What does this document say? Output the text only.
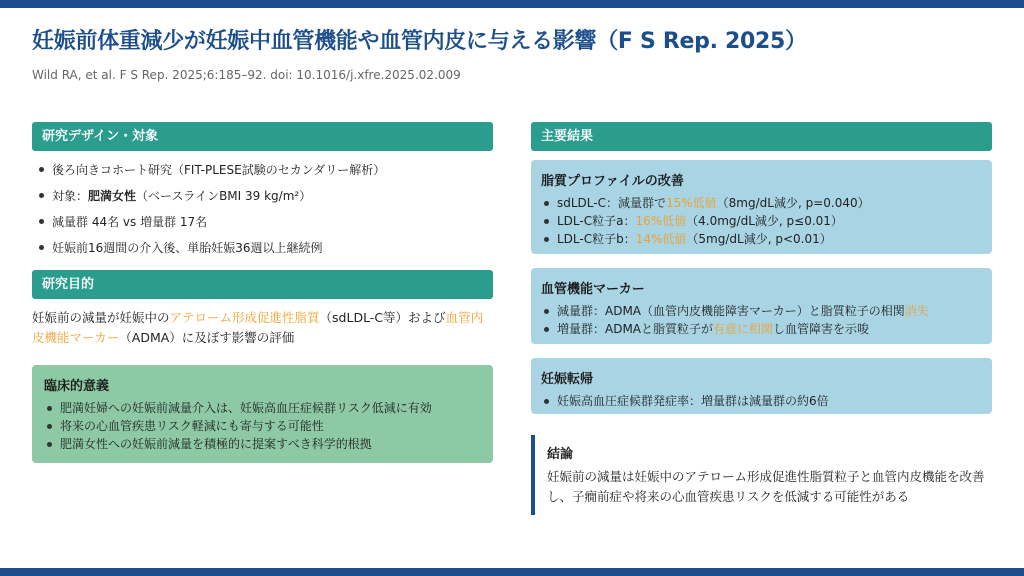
妊娠前体重減少が妊娠中血管機能や血管内皮に与える影響（F S Rep. 2025）
Wild RA, et al. F S Rep. 2025;6:185–92. doi: 10.1016/j.xfre.2025.02.009
研究デザイン・対象
後ろ向きコホート研究（FIT-PLESE試験のセカンダリー解析）
対象：肥満女性（ベースラインBMI 39 kg/m²）
減量群 44名 vs 増量群 17名
妊娠前16週間の介入後、単胎妊娠36週以上継続例
研究目的
妊娠前の減量が妊娠中のアテローム形成促進性脂質（sdLDL-C等）および血管内皮機能マーカー（ADMA）に及ぼす影響の評価
臨床的意義
肥満妊婦への妊娠前減量介入は、妊娠高血圧症候群リスク低減に有効
将来の心血管疾患リスク軽減にも寄与する可能性
肥満女性への妊娠前減量を積極的に提案すべき科学的根拠
主要結果
脂質プロファイルの改善
sdLDL-C：減量群で15%低値（8mg/dL減少, p=0.040）
LDL-C粒子a：16%低値（4.0mg/dL減少, p≤0.01）
LDL-C粒子b：14%低値（5mg/dL減少, p<0.01）
血管機能マーカー
減量群：ADMA（血管内皮機能障害マーカー）と脂質粒子の相関消失
増量群：ADMAと脂質粒子が有意に相関し血管障害を示唆
妊娠転帰
妊娠高血圧症候群発症率：増量群は減量群の約6倍
結論
妊娠前の減量は妊娠中のアテローム形成促進性脂質粒子と血管内皮機能を改善し、子癇前症や将来の心血管疾患リスクを低減する可能性がある
